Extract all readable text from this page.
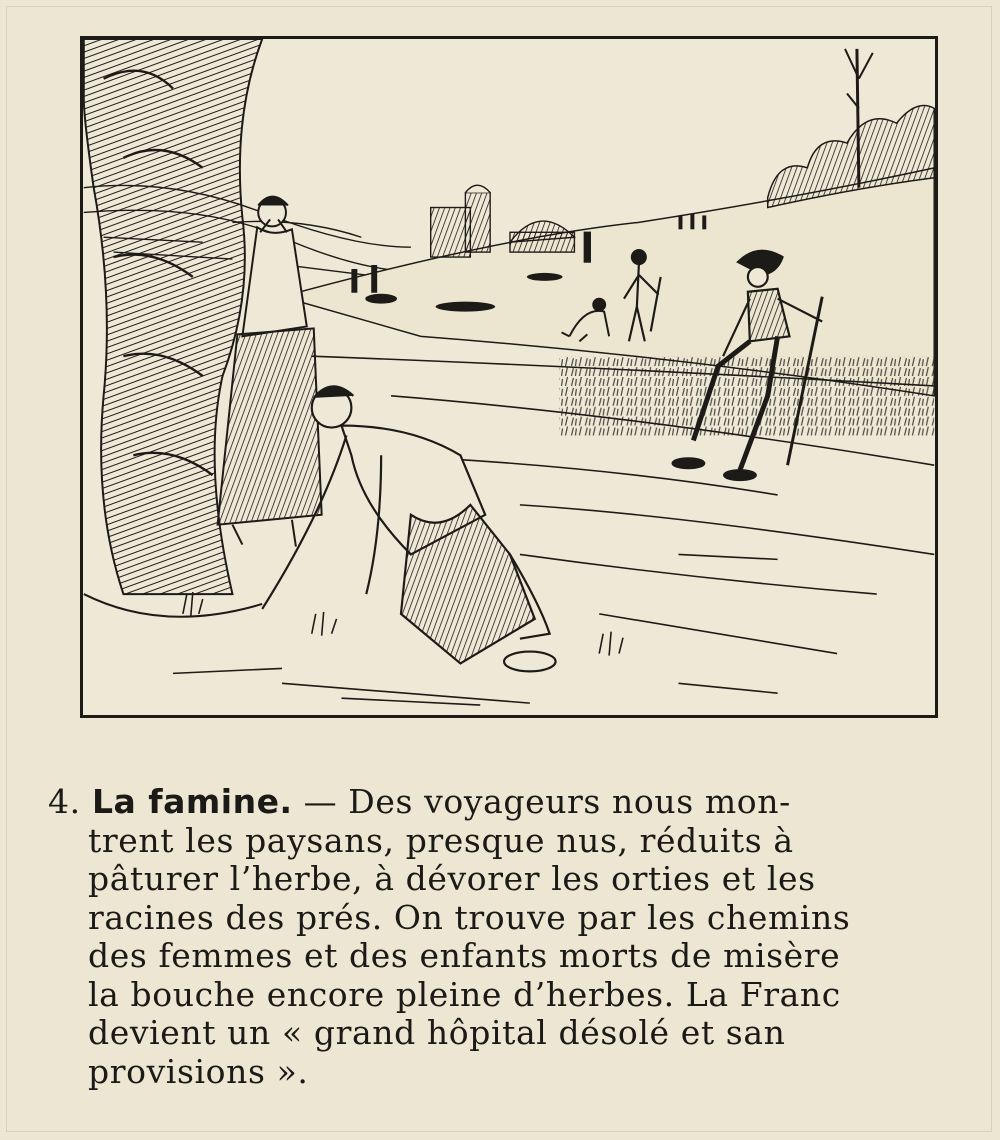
4. La famine. — Des voyageurs nous mon-
trent les paysans, presque nus, réduits à
pâturer l’herbe, à dévorer les orties et les
racines des prés. On trouve par les chemins
des femmes et des enfants morts de misère
la bouche encore pleine d’herbes. La Franc
devient un « grand hôpital désolé et san
provisions ».
